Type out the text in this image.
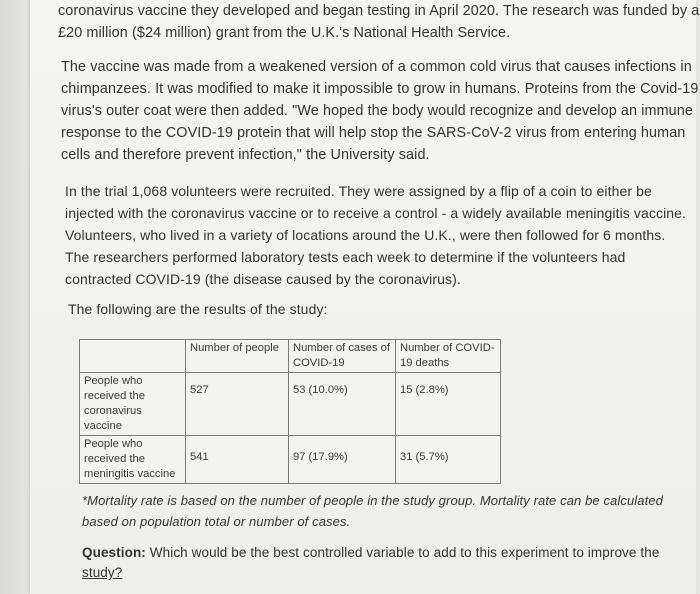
coronavirus vaccine they developed and began testing in April 2020. The research was funded by a
£20 million ($24 million) grant from the U.K.'s National Health Service.
The vaccine was made from a weakened version of a common cold virus that causes infections in
chimpanzees. It was modified to make it impossible to grow in humans. Proteins from the Covid-19
virus's outer coat were then added. "We hoped the body would recognize and develop an immune
response to the COVID-19 protein that will help stop the SARS-CoV-2 virus from entering human
cells and therefore prevent infection," the University said.
In the trial 1,068 volunteers were recruited. They were assigned by a flip of a coin to either be
injected with the coronavirus vaccine or to receive a control - a widely available meningitis vaccine.
Volunteers, who lived in a variety of locations around the U.K., were then followed for 6 months.
The researchers performed laboratory tests each week to determine if the volunteers had
contracted COVID-19 (the disease caused by the coronavirus).
The following are the results of the study:
	Number of people	Number of cases of COVID-19	Number of COVID-19 deaths
People who received the coronavirus vaccine	527	53 (10.0%)	15 (2.8%)
People who received the meningitis vaccine	541	97 (17.9%)	31 (5.7%)
*Mortality rate is based on the number of people in the study group. Mortality rate can be calculated
based on population total or number of cases.
Question: Which would be the best controlled variable to add to this experiment to improve the
study?
